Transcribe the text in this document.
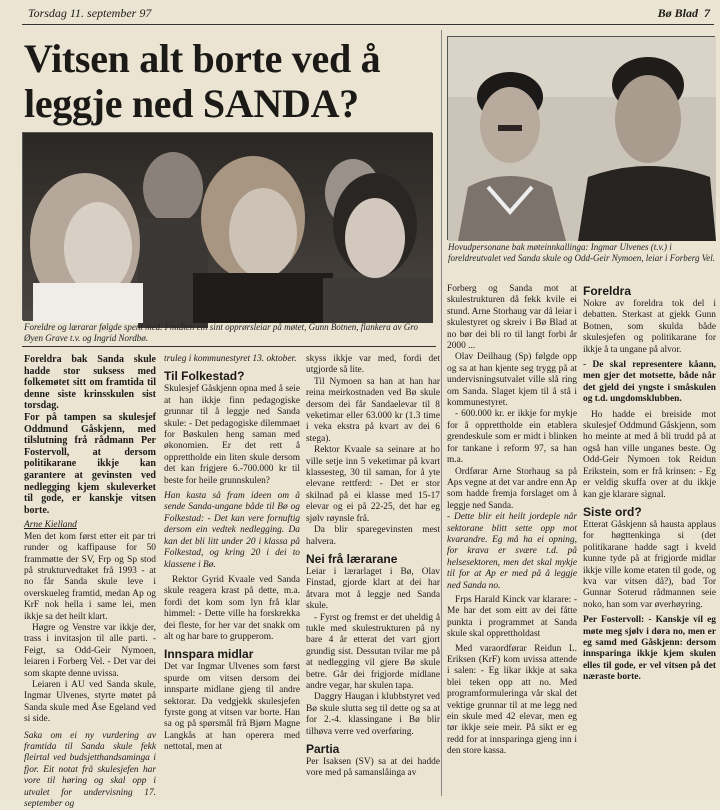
Torsdag 11. september 97	Bø Blad 7
Vitsen alt borte ved å
leggje ned SANDA?
Foreldre og lærarar følgde spent med. I midten ein sint opprørsleiar på møtet, Gunn Botnen, flankera av Gro Øyen Grave t.v. og Ingrid Nordbø.
Hovudpersonane bak møteinnkallinga: Ingmar Ulvenes (t.v.) i foreldreutvalet ved Sanda skule og Odd-Geir Nymoen, leiar i Forberg Vel.

Foreldra bak Sanda skule hadde stor suksess med folkemøtet sitt om framtida til denne siste krinsskulen sist torsdag.

For på tampen sa skulesjef Oddmund Gåskjenn, med tilslutning frå rådmann Per Fostervoll, at dersom politikarane ikkje kan garantere at gevinsten ved nedlegging kjem skuleverket til gode, er kanskje vitsen borte.

Arne Kielland

Men det kom først etter eit par tri runder og kaffipause for 50 frammøtte der SV, Frp og Sp stod på strukturvedtaket frå 1993 - at no får Sanda skule leve i overskueleg framtid, medan Ap og KrF nok hella i same lei, men ikkje sa det heilt klart.

Høgre og Venstre var ikkje der, trass i invitasjon til alle parti. - Feigt, sa Odd-Geir Nymoen, leiaren i Forberg Vel. - Det var dei som skapte denne uvissa.

Leiaren i AU ved Sanda skule, Ingmar Ulvenes, styrte møtet på Sanda skule med Åse Egeland ved si side.

Saka om ei ny vurdering av framtida til Sanda skule fekk fleirtal ved budsjetthandsaminga i fjor. Eit notat frå skulesjefen har vore til høring og skal opp i utvalet for undervisning 17. september og

truleg i kommunestyret 13. oktober.

Til Folkestad?

Skulesjef Gåskjenn opna med å seie at han ikkje finn pedagogiske grunnar til å leggje ned Sanda skule: - Det pedagogiske dilemmaet for Bøskulen heng saman med økonomien. Er det rett å opprettholde ein liten skule dersom det kan frigjere 6.-700.000 kr til beste for heile grunnskulen?

Han kasta så fram ideen om å sende Sanda-ungane både til Bø og Folkestad: - Det kan vere fornuftig dersom ein vedtek nedlegging. Da kan det bli litt under 20 i klassa på Folkestad, og kring 20 i dei to klassene i Bø.

Rektor Gyrid Kvaale ved Sanda skule reagera krast på dette, m.a. fordi det kom som lyn frå klar himmel: - Dette ville ha forskrekka dei fleste, for her var det snakk om alt og har bare to grupperom.

Innspara midlar

Det var Ingmar Ulvenes som først spurde om vitsen dersom dei innsparte midlane gjeng til andre sektorar. Da vedgjekk skulesjefen fyrste gong at vitsen var borte. Han sa og på spørsmål frå Bjørn Magne Langkås at han operera med nettotal, men at

skyss ikkje var med, fordi det utgjorde så lite.

Til Nymoen sa han at han har reina meirkostnaden ved Bø skule dersom dei får Sandaelevar til 8 veketimar eller 63.000 kr (1.3 time i veka ekstra på kvart av dei 6 stega).

Rektor Kvaale sa seinare at ho ville setje inn 5 veketimar på kvart klassesteg, 30 til saman, for å yte elevane rettferd: - Det er stor skilnad på ei klasse med 15-17 elevar og ei på 22-25, det har eg sjølv røynsle frå.

Da blir sparegevinsten mest halvera.

Nei frå lærarane

Leiar i lærarlaget i Bø, Olav Finstad, gjorde klart at dei har åtvara mot å leggje ned Sanda skule.

- Fyrst og fremst er det uheldig å tukle med skulestrukturen på ny bare 4 år etterat det vart gjort grundig sist. Dessutan tvilar me på at nedlegging vil gjere Bø skule betre. Går dei frigjorde midlane andre vegar, har skulen tapa.

Daggry Haugan i klubbstyret ved Bø skule slutta seg til dette og sa at for 2.-4. klassingane i Bø blir tilhøva verre ved overføring.

Partia

Per Isaksen (SV) sa at dei hadde vore med på samanslåinga av

Forberg og Sanda mot at skulestrukturen då fekk kvile ei stund. Arne Storhaug var då leiar i skulestyret og skreiv i Bø Blad at no bør dei bli ro til langt forbi år 2000 ...

Olav Deilhaug (Sp) følgde opp og sa at han kjente seg trygg på at undervisningsutvalet ville slå ring om Sanda. Slaget kjem til å stå i kommunestyret.

- 600.000 kr. er ikkje for mykje for å opprettholde ein etablera grendeskule som er midt i blinken for tankane i reform 97, sa han m.a.

Ordførar Arne Storhaug sa på Aps vegne at det var andre enn Ap som hadde fremja forslaget om å leggje ned Sanda.

- Dette blir eit heilt jordeple når sektorane blitt sette opp mot kvarandre. Eg må ha ei opning, for krava er svære t.d. på helsesektoren, men det skal mykje til for at Ap er med på å leggje ned Sanda no.

Frps Harald Kinck var klarare: - Me har det som eitt av dei fåtte punkta i programmet at Sanda skule skal opprettholdast

Med varaordførar Reidun L. Eriksen (KrF) kom uvissa attende i salen: - Eg likar ikkje at saka blei teken opp att no. Med programformuleringa vår skal det vektige grunnar til at me legg ned ein skule med 42 elevar, men eg tør ikkje seie meir. På sikt er eg redd for at innsparinga gjeng inn i den store kassa.

Foreldra

Nokre av foreldra tok del i debatten. Sterkast at gjekk Gunn Botnen, som skulda både skulesjefen og politikarane for ikkje å ta ungane på alvor.

- De skal representere kåann, men gjer det motsette, både når det gjeld dei yngste i småskulen og t.d. ungdomsklubben.

Ho hadde ei breiside mot skulesjef Oddmund Gåskjenn, som ho meinte at med å bli trudd på at også han ville unganes beste. Og Odd-Geir Nymoen tok Reidun Erikstein, som er frå krinsen: - Eg er veldig skuffa over at du ikkje kan gje klarare signal.

Siste ord?

Etterat Gåskjenn så hausta applaus for høgttenkinga si (det politikarane hadde sagt i kveld kunne tyde på at frigjorde midlar ikkje ville kome etaten til gode, og kva var vitsen då?), bad Tor Gunnar Soterud rådmannen seie noko, han som var øverhøyring.

Per Fostervoll: - Kanskje vil eg møte meg sjølv i døra no, men er eg samd med Gåskjenn: dersom innsparinga ikkje kjem skulen elles til gode, er vel vitsen på det næraste borte.
